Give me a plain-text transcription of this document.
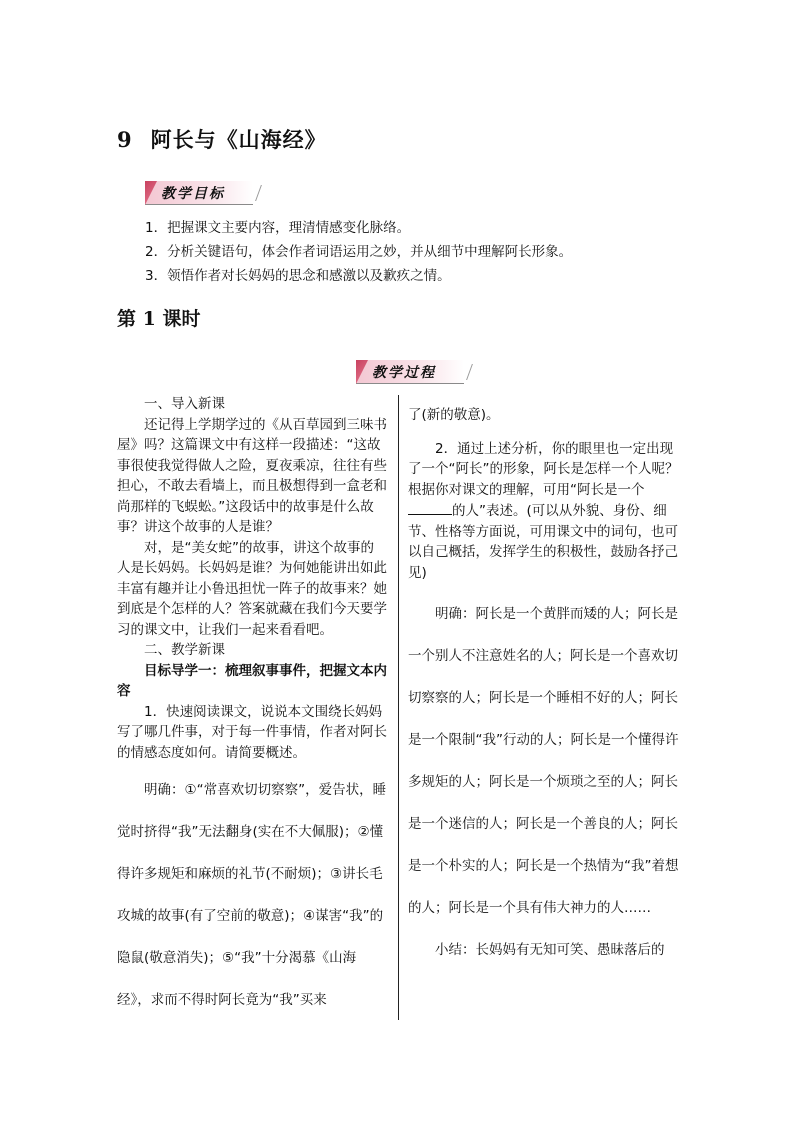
9 阿长与《山海经》
教学目标
1．把握课文主要内容，理清情感变化脉络。
2．分析关键语句，体会作者词语运用之妙，并从细节中理解阿长形象。
3．领悟作者对长妈妈的思念和感激以及歉疚之情。
第 1 课时
教学过程

一、导入新课

还记得上学期学过的《从百草园到三味书屋》吗？这篇课文中有这样一段描述：“这故事很使我觉得做人之险，夏夜乘凉，往往有些担心，不敢去看墙上，而且极想得到一盒老和尚那样的飞蜈蚣。”这段话中的故事是什么故事？讲这个故事的人是谁？

对，是“美女蛇”的故事，讲这个故事的人是长妈妈。长妈妈是谁？为何她能讲出如此丰富有趣并让小鲁迅担忧一阵子的故事来？她到底是个怎样的人？答案就藏在我们今天要学习的课文中，让我们一起来看看吧。

二、教学新课

目标导学一：梳理叙事事件，把握文本内容

1．快速阅读课文，说说本文围绕长妈妈写了哪几件事，对于每一件事情，作者对阿长的情感态度如何。请简要概述。

明确：①“常喜欢切切察察”，爱告状，睡觉时挤得“我”无法翻身(实在不大佩服)；②懂得许多规矩和麻烦的礼节(不耐烦)；③讲长毛攻城的故事(有了空前的敬意)；④谋害“我”的隐鼠(敬意消失)；⑤“我”十分渴慕《山海经》，求而不得时阿长竟为“我”买来

了(新的敬意)。

2．通过上述分析，你的眼里也一定出现了一个“阿长”的形象，阿长是怎样一个人呢？根据你对课文的理解，可用“阿长是一个的人”表述。(可以从外貌、身份、细节、性格等方面说，可用课文中的词句，也可以自己概括，发挥学生的积极性，鼓励各抒己见)

明确：阿长是一个黄胖而矮的人；阿长是一个别人不注意姓名的人；阿长是一个喜欢切切察察的人；阿长是一个睡相不好的人；阿长是一个限制“我”行动的人；阿长是一个懂得许多规矩的人；阿长是一个烦琐之至的人；阿长是一个迷信的人；阿长是一个善良的人；阿长是一个朴实的人；阿长是一个热情为“我”着想的人；阿长是一个具有伟大神力的人……

小结：长妈妈有无知可笑、愚昧落后的
